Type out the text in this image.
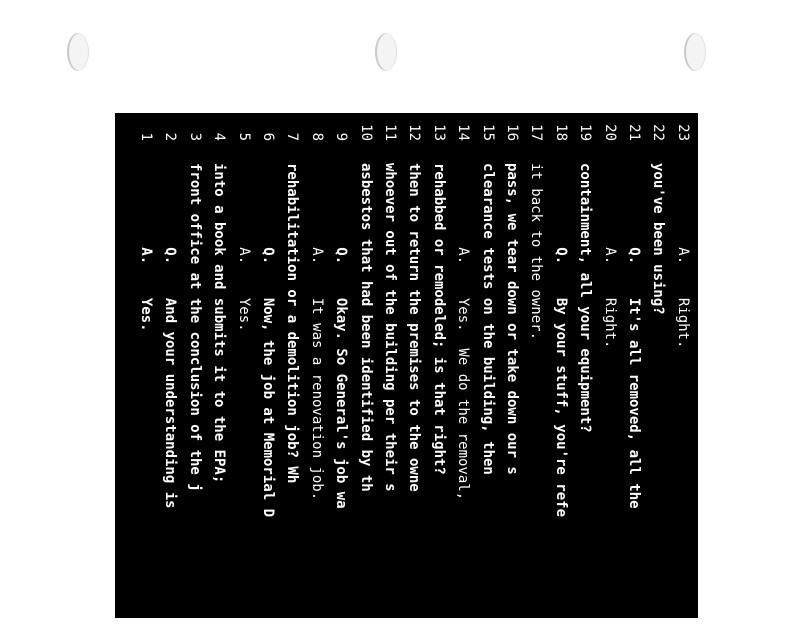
1          A.    Yes.
2          Q.    And your understanding is
3front office at the conclusion of the j
4into a book and submits it to the EPA;
5          A.    Yes.
6          Q.    Now, the job at Memorial D
7rehabilitation or a demolition job? Wh
8          A.    It was a renovation job.
9          Q.    Okay. So General's job wa
10asbestos that had been identified by th
11whoever out of the building per their s
12then to return the premises to the owne
13rehabbed or remodeled; is that right?
14          A.    Yes.  We do the removal,
15clearance tests on the building, then
16pass, we tear down or take down our s
17it back to the owner.
18          Q.    By your stuff, you're refe
19containment, all your equipment?
20          A.    Right.
21          Q.    It's all removed, all the
22you've been using?
23          A.    Right.
24          Q.    All that -- The plastic al
